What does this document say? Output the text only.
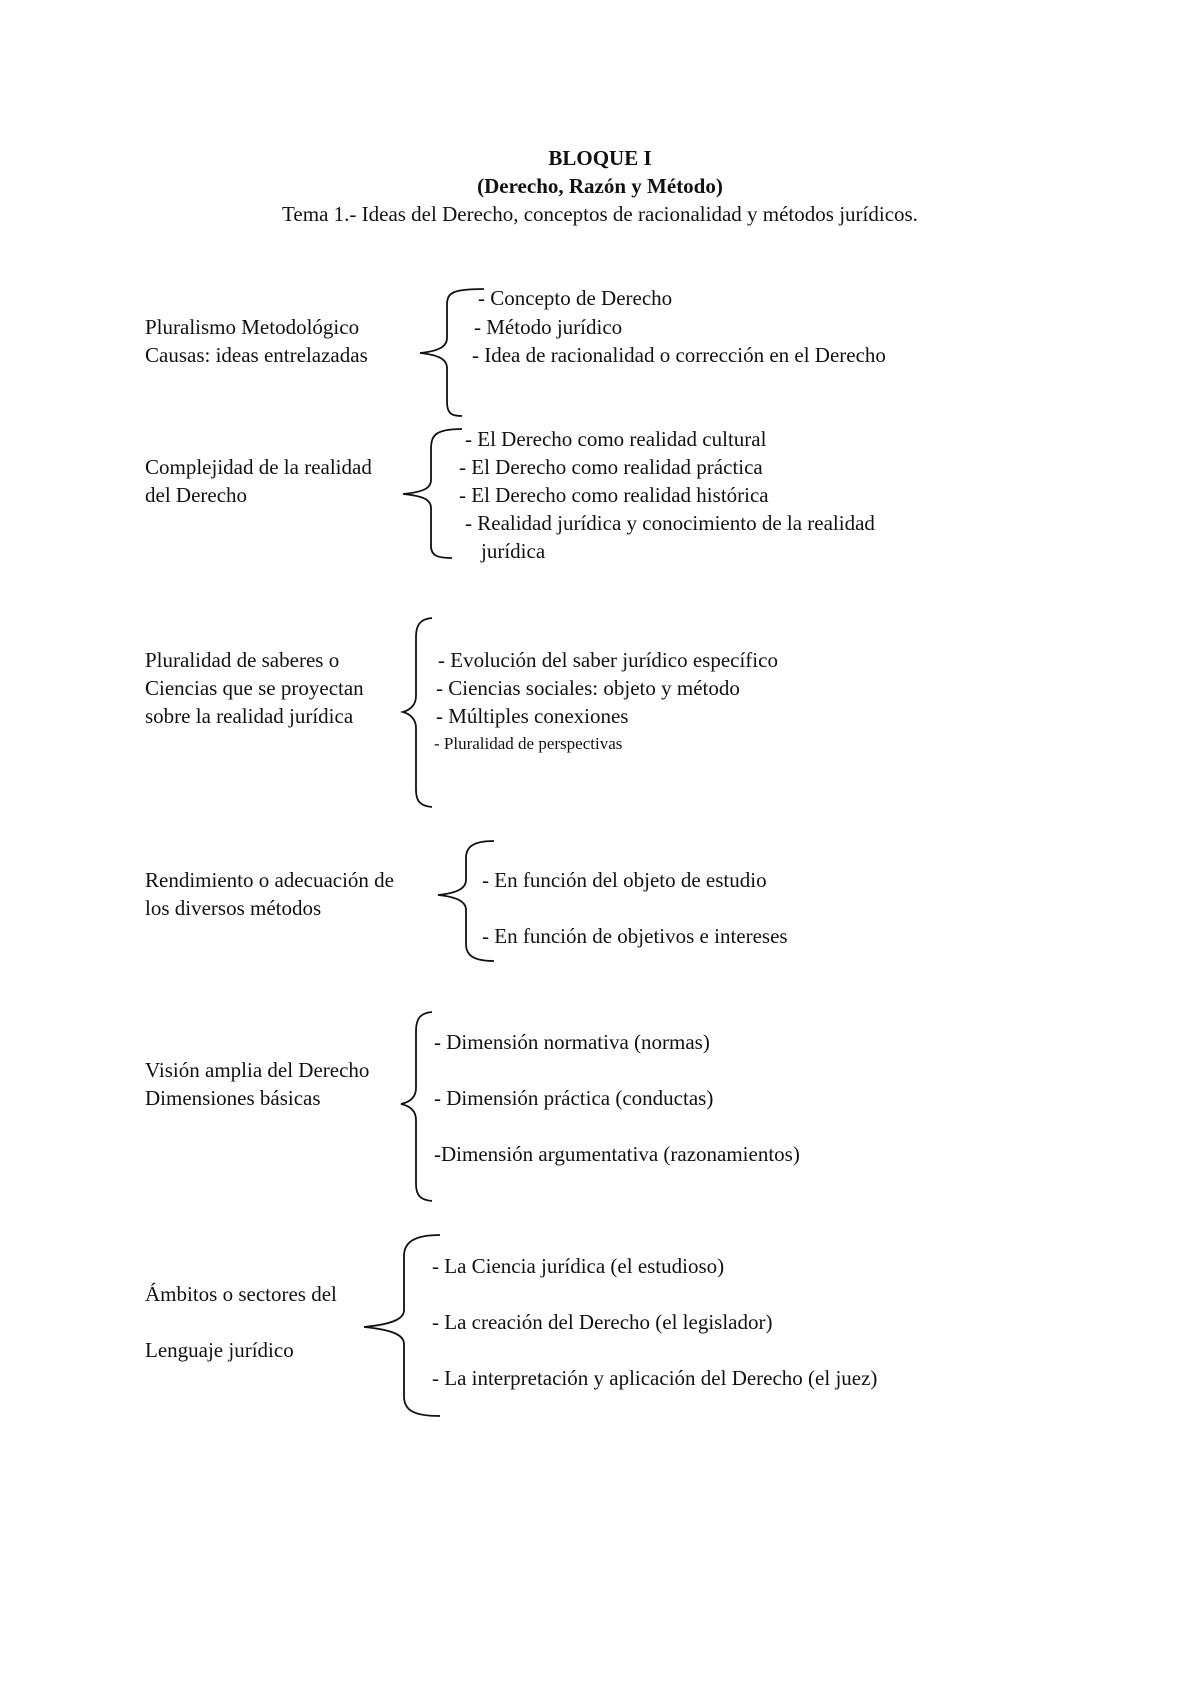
BLOQUE I
(Derecho, Razón y Método)
Tema 1.- Ideas del Derecho, conceptos de racionalidad y métodos jurídicos.
Pluralismo Metodológico
Causas: ideas entrelazadas
- Concepto de Derecho
- Método jurídico
- Idea de racionalidad o corrección en el Derecho
Complejidad de la realidad
del Derecho
- El Derecho como realidad cultural
- El Derecho como realidad práctica
- El Derecho como realidad histórica
- Realidad jurídica y conocimiento de la realidad
jurídica
Pluralidad de saberes o
Ciencias que se proyectan
sobre la realidad jurídica
- Evolución del saber jurídico específico
- Ciencias sociales: objeto y método
- Múltiples conexiones
- Pluralidad de perspectivas
Rendimiento o adecuación de
los diversos métodos
- En función del objeto de estudio
- En función de objetivos e intereses
Visión amplia del Derecho
Dimensiones básicas
- Dimensión normativa (normas)
- Dimensión práctica (conductas)
-Dimensión argumentativa (razonamientos)
Ámbitos o sectores del
Lenguaje jurídico
- La Ciencia jurídica (el estudioso)
- La creación del Derecho (el legislador)
- La interpretación y aplicación del Derecho (el juez)
